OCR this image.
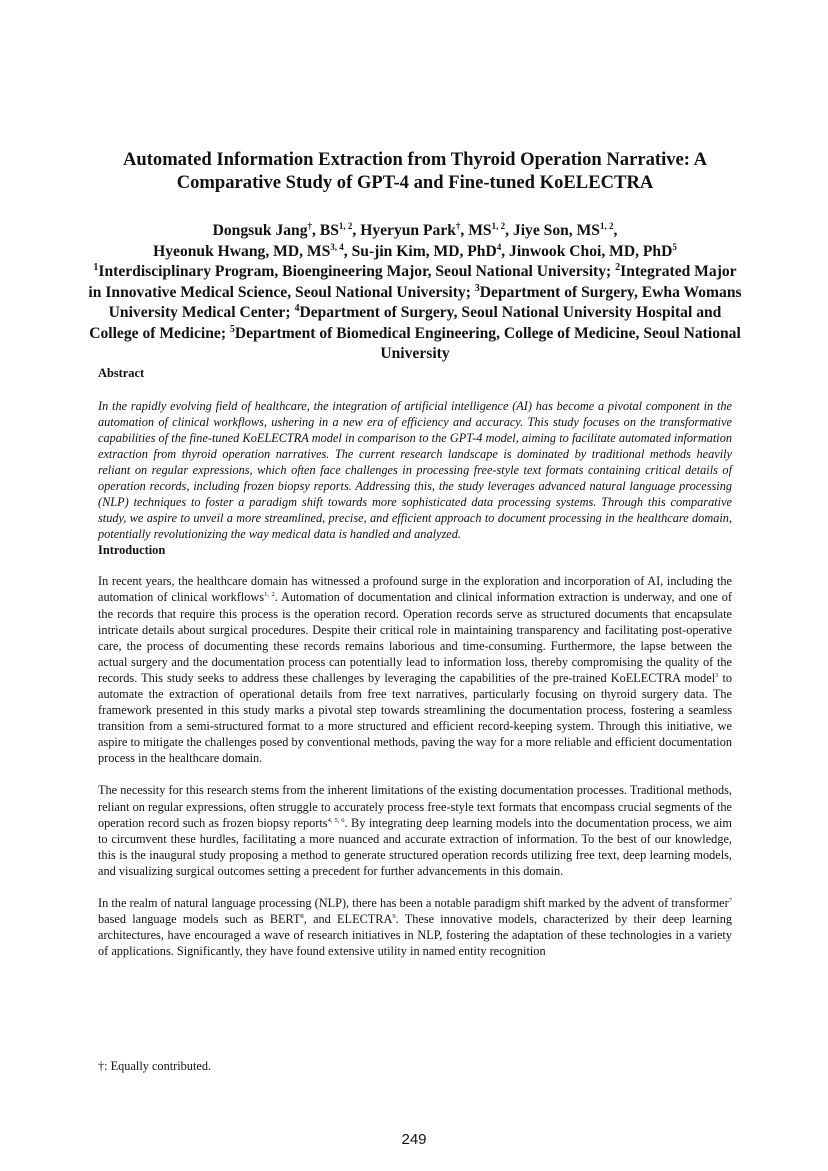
Automated Information Extraction from Thyroid Operation Narrative: A Comparative Study of GPT-4 and Fine-tuned KoELECTRA
Dongsuk Jang†, BS$^{1, 2}$, Hyeryun Park†, MS$^{1, 2}$, Jiye Son, MS$^{1, 2}$,
Hyeonuk Hwang, MD, MS$^{3, 4}$, Su-jin Kim, MD, PhD$^4$, Jinwook Choi, MD, PhD$^5$
$^1$Interdisciplinary Program, Bioengineering Major, Seoul National University; $^2$Integrated Major in Innovative Medical Science, Seoul National University; $^3$Department of Surgery, Ewha Womans University Medical Center; $^4$Department of Surgery, Seoul National University Hospital and College of Medicine; $^5$Department of Biomedical Engineering, College of Medicine, Seoul National University
Abstract

In the rapidly evolving field of healthcare, the integration of artificial intelligence (AI) has become a pivotal component in the automation of clinical workflows, ushering in a new era of efficiency and accuracy. This study focuses on the transformative capabilities of the fine-tuned KoELECTRA model in comparison to the GPT-4 model, aiming to facilitate automated information extraction from thyroid operation narratives. The current research landscape is dominated by traditional methods heavily reliant on regular expressions, which often face challenges in processing free-style text formats containing critical details of operation records, including frozen biopsy reports. Addressing this, the study leverages advanced natural language processing (NLP) techniques to foster a paradigm shift towards more sophisticated data processing systems. Through this comparative study, we aspire to unveil a more streamlined, precise, and efficient approach to document processing in the healthcare domain, potentially revolutionizing the way medical data is handled and analyzed.

Introduction

In recent years, the healthcare domain has witnessed a profound surge in the exploration and incorporation of AI, including the automation of clinical workflows$^{1, 2}$. Automation of documentation and clinical information extraction is underway, and one of the records that require this process is the operation record. Operation records serve as structured documents that encapsulate intricate details about surgical procedures. Despite their critical role in maintaining transparency and facilitating post-operative care, the process of documenting these records remains laborious and time-consuming. Furthermore, the lapse between the actual surgery and the documentation process can potentially lead to information loss, thereby compromising the quality of the records. This study seeks to address these challenges by leveraging the capabilities of the pre-trained KoELECTRA model$^3$ to automate the extraction of operational details from free text narratives, particularly focusing on thyroid surgery data. The framework presented in this study marks a pivotal step towards streamlining the documentation process, fostering a seamless transition from a semi-structured format to a more structured and efficient record-keeping system. Through this initiative, we aspire to mitigate the challenges posed by conventional methods, paving the way for a more reliable and efficient documentation process in the healthcare domain.

The necessity for this research stems from the inherent limitations of the existing documentation processes. Traditional methods, reliant on regular expressions, often struggle to accurately process free-style text formats that encompass crucial segments of the operation record such as frozen biopsy reports$^{4, 5, 6}$. By integrating deep learning models into the documentation process, we aim to circumvent these hurdles, facilitating a more nuanced and accurate extraction of information. To the best of our knowledge, this is the inaugural study proposing a method to generate structured operation records utilizing free text, deep learning models, and visualizing surgical outcomes setting a precedent for further advancements in this domain.

In the realm of natural language processing (NLP), there has been a notable paradigm shift marked by the advent of transformer$^7$ based language models such as BERT$^8$, and ELECTRA$^9$. These innovative models, characterized by their deep learning architectures, have encouraged a wave of research initiatives in NLP, fostering the adaptation of these technologies in a variety of applications. Significantly, they have found extensive utility in named entity recognition

†: Equally contributed.
249
